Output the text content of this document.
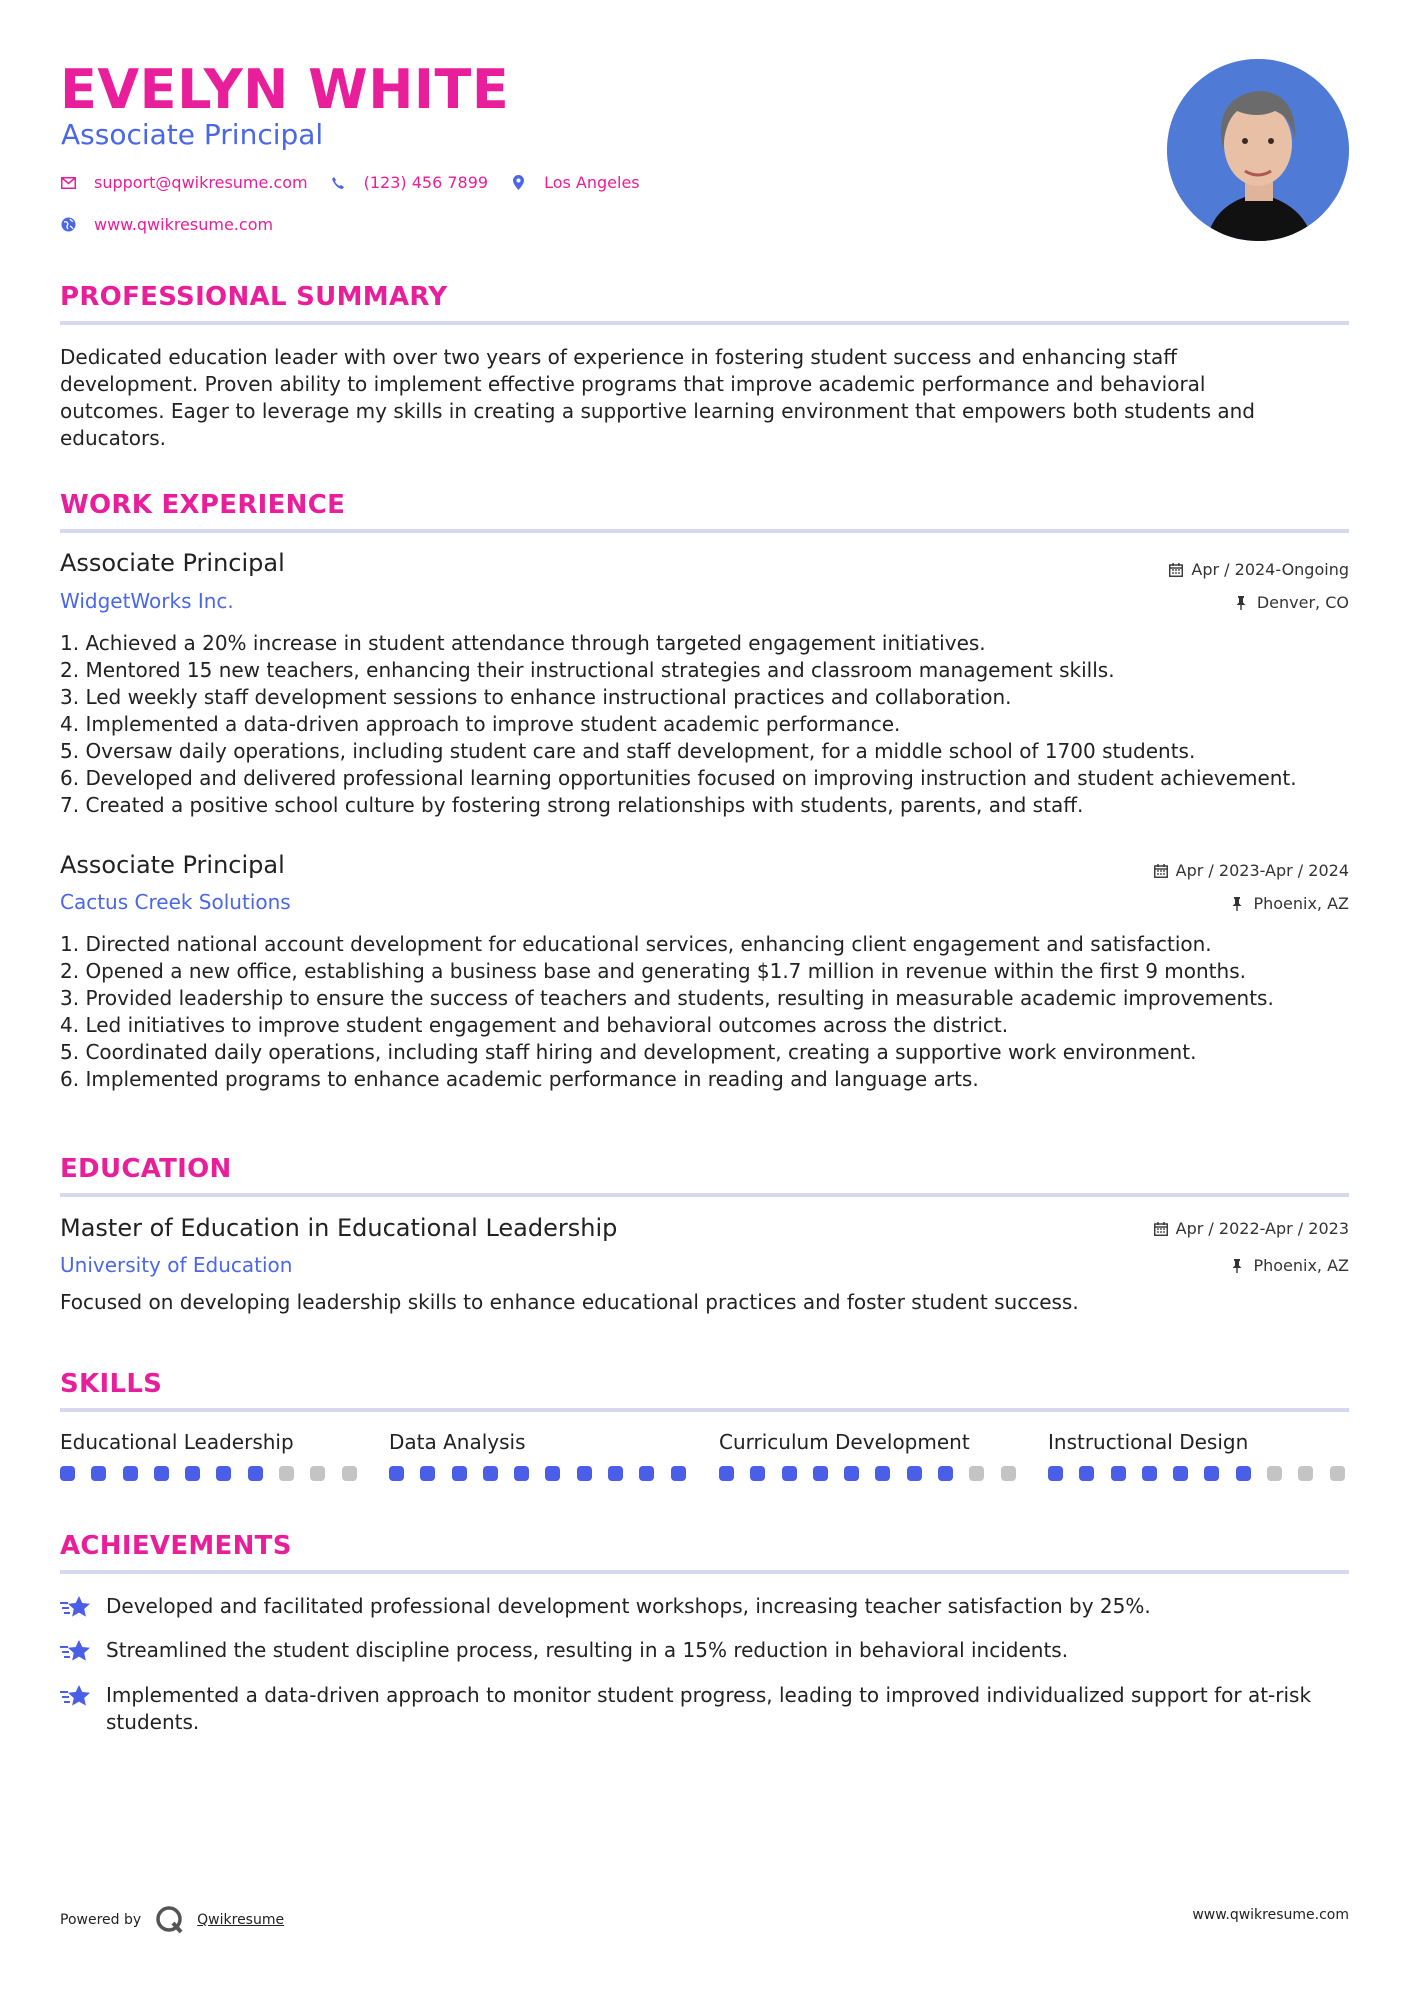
EVELYN WHITE
Associate Principal
support@qwikresume.com	(123) 456 7899	Los Angeles
www.qwikresume.com
PROFESSIONAL SUMMARY
Dedicated education leader with over two years of experience in fostering student success and enhancing staff
development. Proven ability to implement effective programs that improve academic performance and behavioral
outcomes. Eager to leverage my skills in creating a supportive learning environment that empowers both students and
educators.
WORK EXPERIENCE
Associate Principal
WidgetWorks Inc.
Apr / 2024-Ongoing
Denver, CO
1. Achieved a 20% increase in student attendance through targeted engagement initiatives.
2. Mentored 15 new teachers, enhancing their instructional strategies and classroom management skills.
3. Led weekly staff development sessions to enhance instructional practices and collaboration.
4. Implemented a data-driven approach to improve student academic performance.
5. Oversaw daily operations, including student care and staff development, for a middle school of 1700 students.
6. Developed and delivered professional learning opportunities focused on improving instruction and student achievement.
7. Created a positive school culture by fostering strong relationships with students, parents, and staff.
Associate Principal
Cactus Creek Solutions
Apr / 2023-Apr / 2024
Phoenix, AZ
1. Directed national account development for educational services, enhancing client engagement and satisfaction.
2. Opened a new office, establishing a business base and generating $1.7 million in revenue within the first 9 months.
3. Provided leadership to ensure the success of teachers and students, resulting in measurable academic improvements.
4. Led initiatives to improve student engagement and behavioral outcomes across the district.
5. Coordinated daily operations, including staff hiring and development, creating a supportive work environment.
6. Implemented programs to enhance academic performance in reading and language arts.
EDUCATION
Master of Education in Educational Leadership
University of Education
Apr / 2022-Apr / 2023
Phoenix, AZ
Focused on developing leadership skills to enhance educational practices and foster student success.
SKILLS
Educational Leadership	Data Analysis	Curriculum Development	Instructional Design
ACHIEVEMENTS
Developed and facilitated professional development workshops, increasing teacher satisfaction by 25%.
Streamlined the student discipline process, resulting in a 15% reduction in behavioral incidents.
Implemented a data-driven approach to monitor student progress, leading to improved individualized support for at-risk students.
Powered by	Qwikresume	www.qwikresume.com
